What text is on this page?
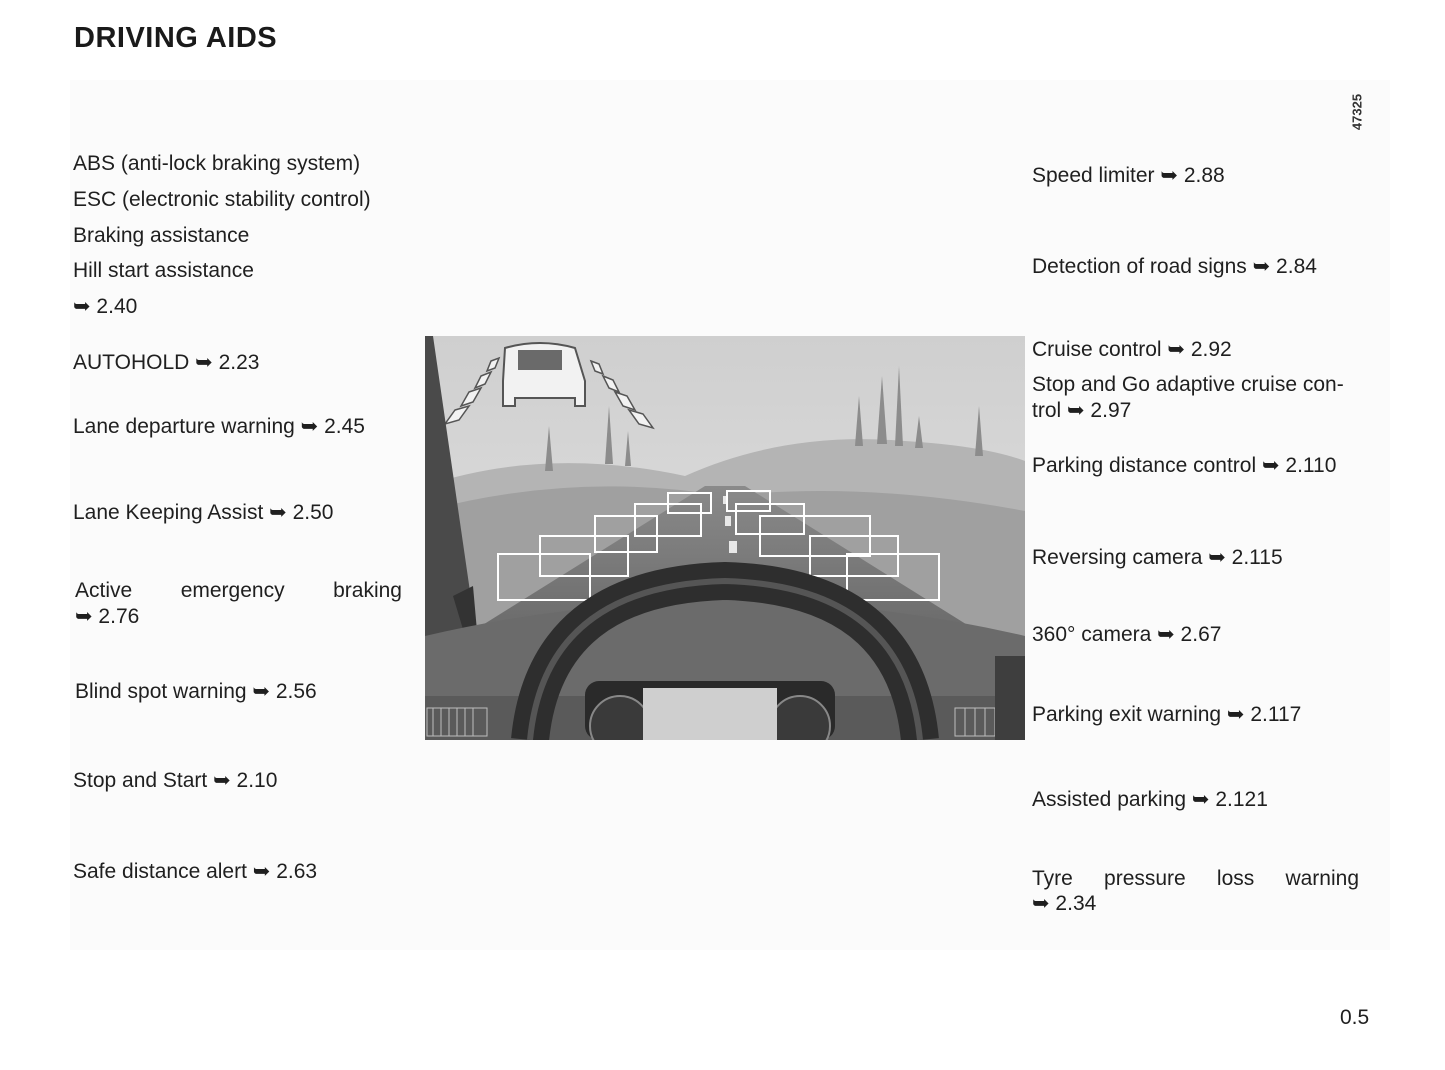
DRIVING AIDS
47325
ABS (anti-lock braking system)
ESC (electronic stability control)
Braking assistance
Hill start assistance
➥ 2.40
AUTOHOLD ➥ 2.23
Lane departure warning ➥ 2.45
Lane Keeping Assist ➥ 2.50
Active emergency braking
➥ 2.76
Blind spot warning ➥ 2.56
Stop and Start ➥ 2.10
Safe distance alert ➥ 2.63
Speed limiter ➥ 2.88
Detection of road signs ➥ 2.84
Cruise control ➥ 2.92
Stop and Go adaptive cruise con-
trol ➥ 2.97
Parking distance control ➥ 2.110
Reversing camera ➥ 2.115
360° camera ➥ 2.67
Parking exit warning ➥ 2.117
Assisted parking ➥ 2.121
Tyre pressure loss warning
➥ 2.34
0.5
